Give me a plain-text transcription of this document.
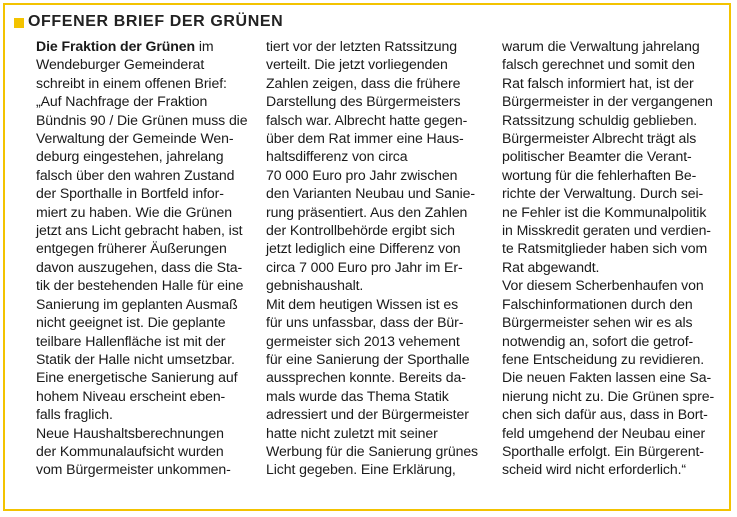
OFFENER BRIEF DER GRÜNEN
Die Fraktion der Grünen im
Wendeburger Gemeinderat
schreibt in einem offenen Brief:
„Auf Nachfrage der Fraktion
Bündnis 90 / Die Grünen muss die
Verwaltung der Gemeinde Wen-
deburg eingestehen, jahrelang
falsch über den wahren Zustand
der Sporthalle in Bortfeld infor-
miert zu haben. Wie die Grünen
jetzt ans Licht gebracht haben, ist
entgegen früherer Äußerungen
davon auszugehen, dass die Sta-
tik der bestehenden Halle für eine
Sanierung im geplanten Ausmaß
nicht geeignet ist. Die geplante
teilbare Hallenfläche ist mit der
Statik der Halle nicht umsetzbar.
Eine energetische Sanierung auf
hohem Niveau erscheint eben-
falls fraglich.
Neue Haushaltsberechnungen
der Kommunalaufsicht wurden
vom Bürgermeister unkommen-
tiert vor der letzten Ratssitzung
verteilt. Die jetzt vorliegenden
Zahlen zeigen, dass die frühere
Darstellung des Bürgermeisters
falsch war. Albrecht hatte gegen-
über dem Rat immer eine Haus-
haltsdifferenz von circa
70 000 Euro pro Jahr zwischen
den Varianten Neubau und Sanie-
rung präsentiert. Aus den Zahlen
der Kontrollbehörde ergibt sich
jetzt lediglich eine Differenz von
circa 7 000 Euro pro Jahr im Er-
gebnishaushalt.
Mit dem heutigen Wissen ist es
für uns unfassbar, dass der Bür-
germeister sich 2013 vehement
für eine Sanierung der Sporthalle
aussprechen konnte. Bereits da-
mals wurde das Thema Statik
adressiert und der Bürgermeister
hatte nicht zuletzt mit seiner
Werbung für die Sanierung grünes
Licht gegeben. Eine Erklärung,
warum die Verwaltung jahrelang
falsch gerechnet und somit den
Rat falsch informiert hat, ist der
Bürgermeister in der vergangenen
Ratssitzung schuldig geblieben.
Bürgermeister Albrecht trägt als
politischer Beamter die Verant-
wortung für die fehlerhaften Be-
richte der Verwaltung. Durch sei-
ne Fehler ist die Kommunalpolitik
in Misskredit geraten und verdien-
te Ratsmitglieder haben sich vom
Rat abgewandt.
Vor diesem Scherbenhaufen von
Falschinformationen durch den
Bürgermeister sehen wir es als
notwendig an, sofort die getrof-
fene Entscheidung zu revidieren.
Die neuen Fakten lassen eine Sa-
nierung nicht zu. Die Grünen spre-
chen sich dafür aus, dass in Bort-
feld umgehend der Neubau einer
Sporthalle erfolgt. Ein Bürgerent-
scheid wird nicht erforderlich.“
